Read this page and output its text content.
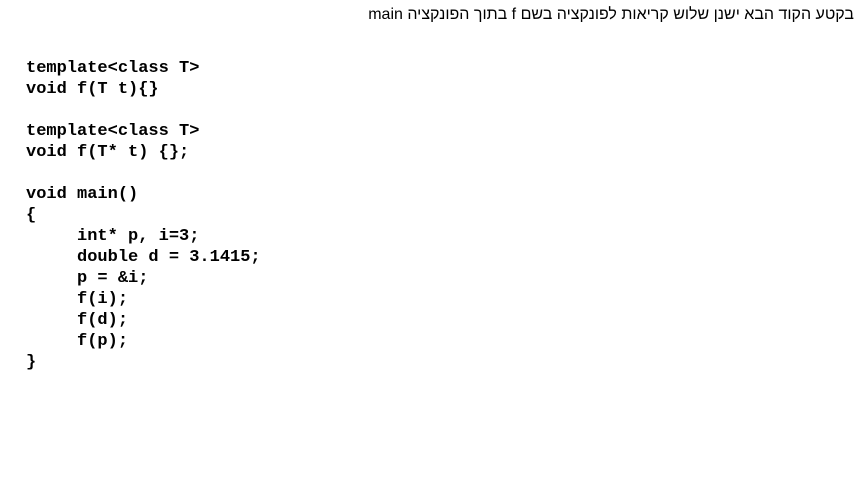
בקטע הקוד הבא ישנן שלוש קריאות לפונקציה בשם f בתוך הפונקציה main
template<class T>
void f(T t){}
template<class T>
void f(T* t) {};
void main()
{
int* p, i=3;
double d = 3.1415;
p = &i;
f(i);
f(d);
f(p);
}
